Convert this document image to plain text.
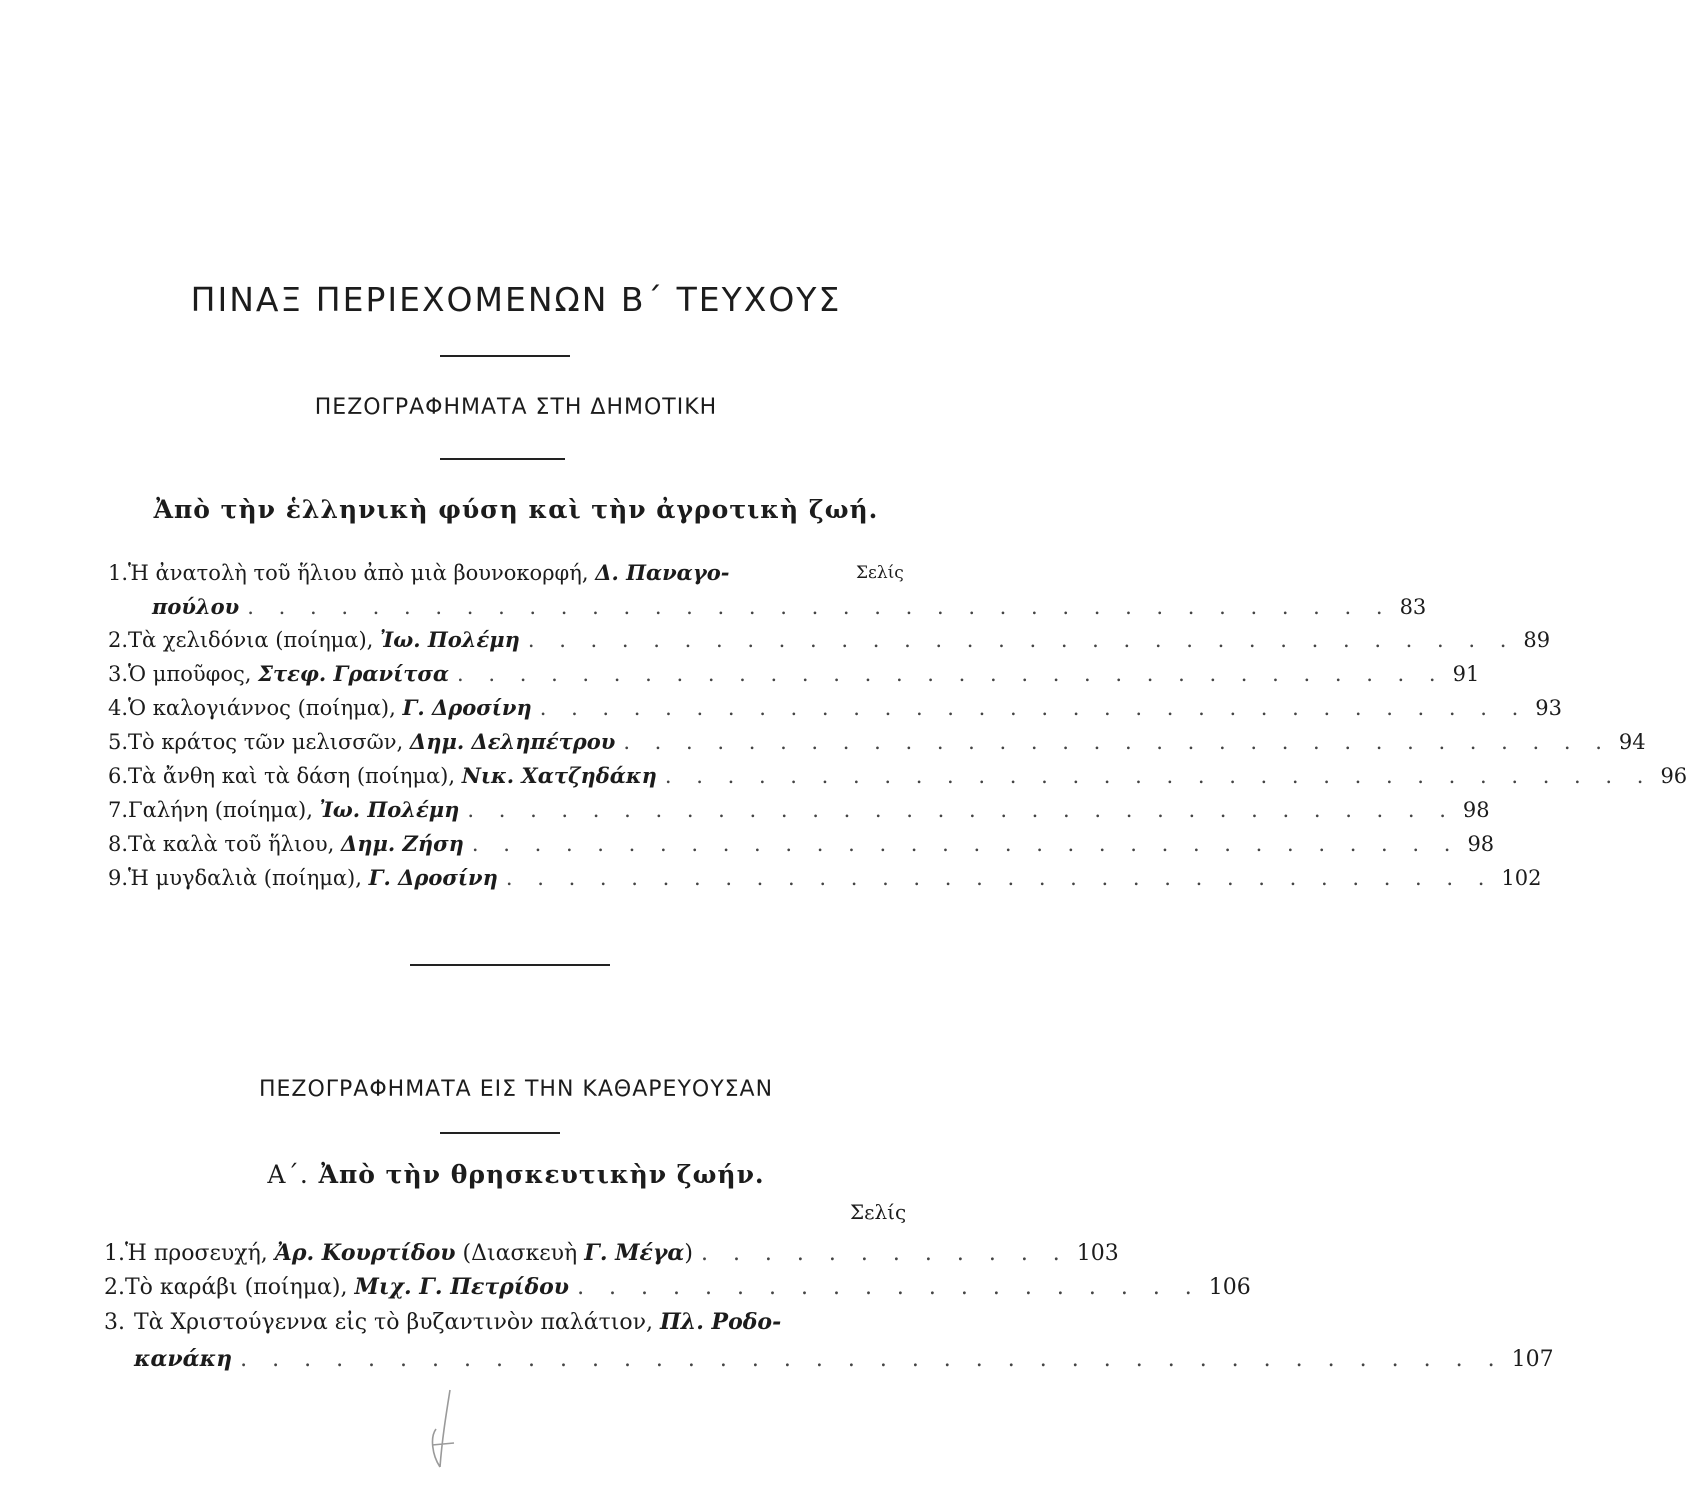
ΠΙΝΑΞ ΠΕΡΙΕΧΟΜΕΝΩΝ Β΄ ΤΕΥΧΟΥΣ
ΠΕΖΟΓΡΑΦΗΜΑΤΑ ΣΤΗ ΔΗΜΟΤΙΚΗ
Ἀπὸ τὴν ἑλληνικὴ φύση καὶ τὴν ἀγροτικὴ ζωή.
Σελίς
1. Ἡ ἀνατολὴ τοῦ ἥλιου ἀπὸ μιὰ βουνοκορφή,
Δ. Παναγο-
πούλου . . . . . . . . . . . . . . . . . . . . . . . . . . . . . . . . . . . . . 83
2. Τὰ χελιδόνια (ποίημα),
Ἰω. Πολέμη . . . . . . . . . . . . . . . . . . . . . . . . . . . . . . . . 89
3. Ὁ μποῦφος,
Στεφ. Γρανίτσα . . . . . . . . . . . . . . . . . . . . . . . . . . . . . . . . 91
4. Ὁ καλογιάννος (ποίημα),
Γ. Δροσίνη . . . . . . . . . . . . . . . . . . . . . . . . . . . . . . . . 93
5. Τὸ κράτος τῶν μελισσῶν,
Δημ. Δεληπέτρου . . . . . . . . . . . . . . . . . . . . . . . . . . . . . . . . 94
6. Τὰ ἄνθη καὶ τὰ δάση (ποίημα),
Νικ. Χατζηδάκη . . . . . . . . . . . . . . . . . . . . . . . . . . . . . . . . 96
7. Γαλήνη (ποίημα),
Ἰω. Πολέμη . . . . . . . . . . . . . . . . . . . . . . . . . . . . . . . . 98
8. Τὰ καλὰ τοῦ ἥλιου,
Δημ. Ζήση . . . . . . . . . . . . . . . . . . . . . . . . . . . . . . . . 98
9. Ἡ μυγδαλιὰ (ποίημα),
Γ. Δροσίνη . . . . . . . . . . . . . . . . . . . . . . . . . . . . . . . . 102
ΠΕΖΟΓΡΑΦΗΜΑΤΑ ΕΙΣ ΤΗΝ ΚΑΘΑΡΕΥΟΥΣΑΝ
Α΄. Ἀπὸ τὴν θρησκευτικὴν ζωήν.
Σελίς
1. Ἡ προσευχή,
Ἀρ. Κουρτίδου
(Διασκευὴ
Γ. Μέγα ) . . . . . . . . . . . . 103
2. Τὸ καράβι (ποίημα),
Μιχ. Γ. Πετρίδου . . . . . . . . . . . . . . . . . . . . 106
3. Τὰ Χριστούγεννα εἰς τὸ βυζαντινὸν παλάτιον,
Πλ. Ροδο-
κανάκη . . . . . . . . . . . . . . . . . . . . . . . . . . . . . . . . . . . . . . . . 107
